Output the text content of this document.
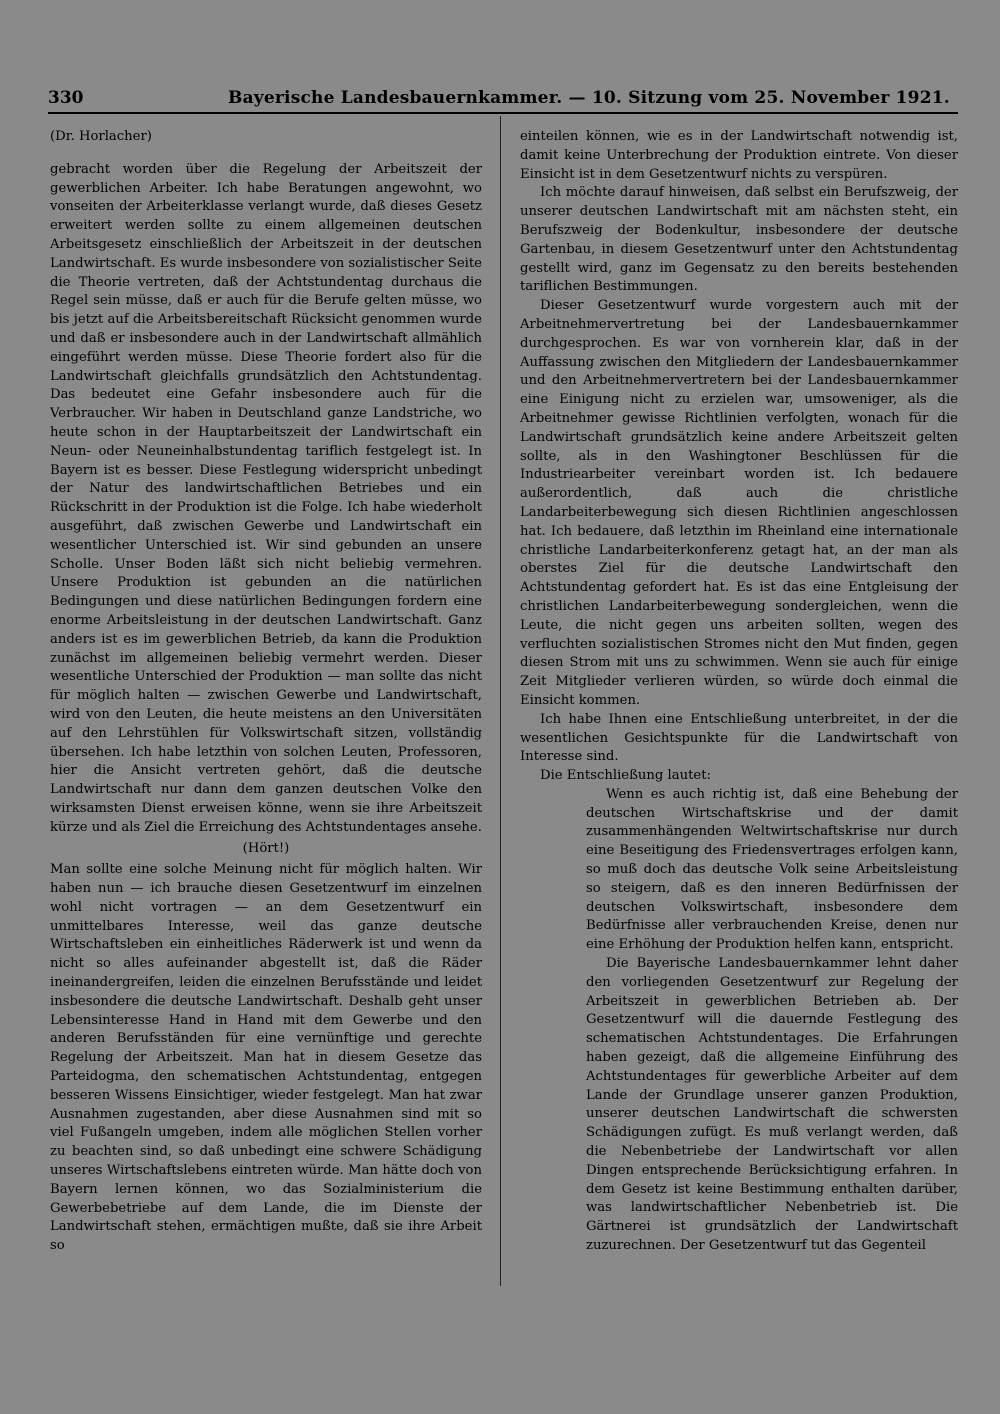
330	Bayerische Landesbauernkammer. — 10. Sitzung vom 25. November 1921.

(Dr. Horlacher)

gebracht worden über die Regelung der Arbeitszeit der gewerblichen Arbeiter. Ich habe Beratungen angewohnt, wo vonseiten der Arbeiterklasse verlangt wurde, daß dieses Gesetz erweitert werden sollte zu einem allgemeinen deutschen Arbeitsgesetz einschließlich der Arbeitszeit in der deutschen Landwirtschaft. Es wurde insbesondere von sozialistischer Seite die Theorie vertreten, daß der Achtstundentag durchaus die Regel sein müsse, daß er auch für die Berufe gelten müsse, wo bis jetzt auf die Arbeitsbereitschaft Rücksicht genommen wurde und daß er insbesondere auch in der Landwirtschaft allmählich eingeführt werden müsse. Diese Theorie fordert also für die Landwirtschaft gleichfalls grundsätzlich den Achtstundentag. Das bedeutet eine Gefahr insbesondere auch für die Verbraucher. Wir haben in Deutschland ganze Landstriche, wo heute schon in der Hauptarbeitszeit der Landwirtschaft ein Neun- oder Neuneinhalbstundentag tariflich festgelegt ist. In Bayern ist es besser. Diese Festlegung widerspricht unbedingt der Natur des landwirtschaftlichen Betriebes und ein Rückschritt in der Produktion ist die Folge. Ich habe wiederholt ausgeführt, daß zwischen Gewerbe und Landwirtschaft ein wesentlicher Unterschied ist. Wir sind gebunden an unsere Scholle. Unser Boden läßt sich nicht beliebig vermehren. Unsere Produktion ist gebunden an die natürlichen Bedingungen und diese natürlichen Bedingungen fordern eine enorme Arbeitsleistung in der deutschen Landwirtschaft. Ganz anders ist es im gewerblichen Betrieb, da kann die Produktion zunächst im allgemeinen beliebig vermehrt werden. Dieser wesentliche Unterschied der Produktion — man sollte das nicht für möglich halten — zwischen Gewerbe und Landwirtschaft, wird von den Leuten, die heute meistens an den Universitäten auf den Lehrstühlen für Volkswirtschaft sitzen, vollständig übersehen. Ich habe letzthin von solchen Leuten, Professoren, hier die Ansicht vertreten gehört, daß die deutsche Landwirtschaft nur dann dem ganzen deutschen Volke den wirksamsten Dienst erweisen könne, wenn sie ihre Arbeitszeit kürze und als Ziel die Erreichung des Achtstundentages ansehe.

(Hört!)

Man sollte eine solche Meinung nicht für möglich halten. Wir haben nun — ich brauche diesen Gesetzentwurf im einzelnen wohl nicht vortragen — an dem Gesetzentwurf ein unmittelbares Interesse, weil das ganze deutsche Wirtschaftsleben ein einheitliches Räderwerk ist und wenn da nicht so alles aufeinander abgestellt ist, daß die Räder ineinandergreifen, leiden die einzelnen Berufsstände und leidet insbesondere die deutsche Landwirtschaft. Deshalb geht unser Lebensinteresse Hand in Hand mit dem Gewerbe und den anderen Berufsständen für eine vernünftige und gerechte Regelung der Arbeitszeit. Man hat in diesem Gesetze das Parteidogma, den schematischen Achtstundentag, entgegen besseren Wissens Einsichtiger, wieder festgelegt. Man hat zwar Ausnahmen zugestanden, aber diese Ausnahmen sind mit so viel Fußangeln umgeben, indem alle möglichen Stellen vorher zu beachten sind, so daß unbedingt eine schwere Schädigung unseres Wirtschaftslebens eintreten würde. Man hätte doch von Bayern lernen können, wo das Sozialministerium die Gewerbebetriebe auf dem Lande, die im Dienste der Landwirtschaft stehen, ermächtigen mußte, daß sie ihre Arbeit so

einteilen können, wie es in der Landwirtschaft notwendig ist, damit keine Unterbrechung der Produktion eintrete. Von dieser Einsicht ist in dem Gesetzentwurf nichts zu verspüren.

Ich möchte darauf hinweisen, daß selbst ein Berufszweig, der unserer deutschen Landwirtschaft mit am nächsten steht, ein Berufszweig der Bodenkultur, insbesondere der deutsche Gartenbau, in diesem Gesetzentwurf unter den Achtstundentag gestellt wird, ganz im Gegensatz zu den bereits bestehenden tariflichen Bestimmungen.

Dieser Gesetzentwurf wurde vorgestern auch mit der Arbeitnehmervertretung bei der Landesbauernkammer durchgesprochen. Es war von vornherein klar, daß in der Auffassung zwischen den Mitgliedern der Landesbauernkammer und den Arbeitnehmervertretern bei der Landesbauernkammer eine Einigung nicht zu erzielen war, umsoweniger, als die Arbeitnehmer gewisse Richtlinien verfolgten, wonach für die Landwirtschaft grundsätzlich keine andere Arbeitszeit gelten sollte, als in den Washingtoner Beschlüssen für die Industriearbeiter vereinbart worden ist. Ich bedauere außerordentlich, daß auch die christliche Landarbeiterbewegung sich diesen Richtlinien angeschlossen hat. Ich bedauere, daß letzthin im Rheinland eine internationale christliche Landarbeiterkonferenz getagt hat, an der man als oberstes Ziel für die deutsche Landwirtschaft den Achtstundentag gefordert hat. Es ist das eine Entgleisung der christlichen Landarbeiterbewegung sondergleichen, wenn die Leute, die nicht gegen uns arbeiten sollten, wegen des verfluchten sozialistischen Stromes nicht den Mut finden, gegen diesen Strom mit uns zu schwimmen. Wenn sie auch für einige Zeit Mitglieder verlieren würden, so würde doch einmal die Einsicht kommen.

Ich habe Ihnen eine Entschließung unterbreitet, in der die wesentlichen Gesichtspunkte für die Landwirtschaft von Interesse sind.

Die Entschließung lautet:

Wenn es auch richtig ist, daß eine Behebung der deutschen Wirtschaftskrise und der damit zusammenhängenden Weltwirtschaftskrise nur durch eine Beseitigung des Friedensvertrages erfolgen kann, so muß doch das deutsche Volk seine Arbeitsleistung so steigern, daß es den inneren Bedürfnissen der deutschen Volkswirtschaft, insbesondere dem Bedürfnisse aller verbrauchenden Kreise, denen nur eine Erhöhung der Produktion helfen kann, entspricht.

Die Bayerische Landesbauernkammer lehnt daher den vorliegenden Gesetzentwurf zur Regelung der Arbeitszeit in gewerblichen Betrieben ab. Der Gesetzentwurf will die dauernde Festlegung des schematischen Achtstundentages. Die Erfahrungen haben gezeigt, daß die allgemeine Einführung des Achtstundentages für gewerbliche Arbeiter auf dem Lande der Grundlage unserer ganzen Produktion, unserer deutschen Landwirtschaft die schwersten Schädigungen zufügt. Es muß verlangt werden, daß die Nebenbetriebe der Landwirtschaft vor allen Dingen entsprechende Berücksichtigung erfahren. In dem Gesetz ist keine Bestimmung enthalten darüber, was landwirtschaftlicher Nebenbetrieb ist. Die Gärtnerei ist grundsätzlich der Landwirtschaft zuzurechnen. Der Gesetzentwurf tut das Gegenteil
